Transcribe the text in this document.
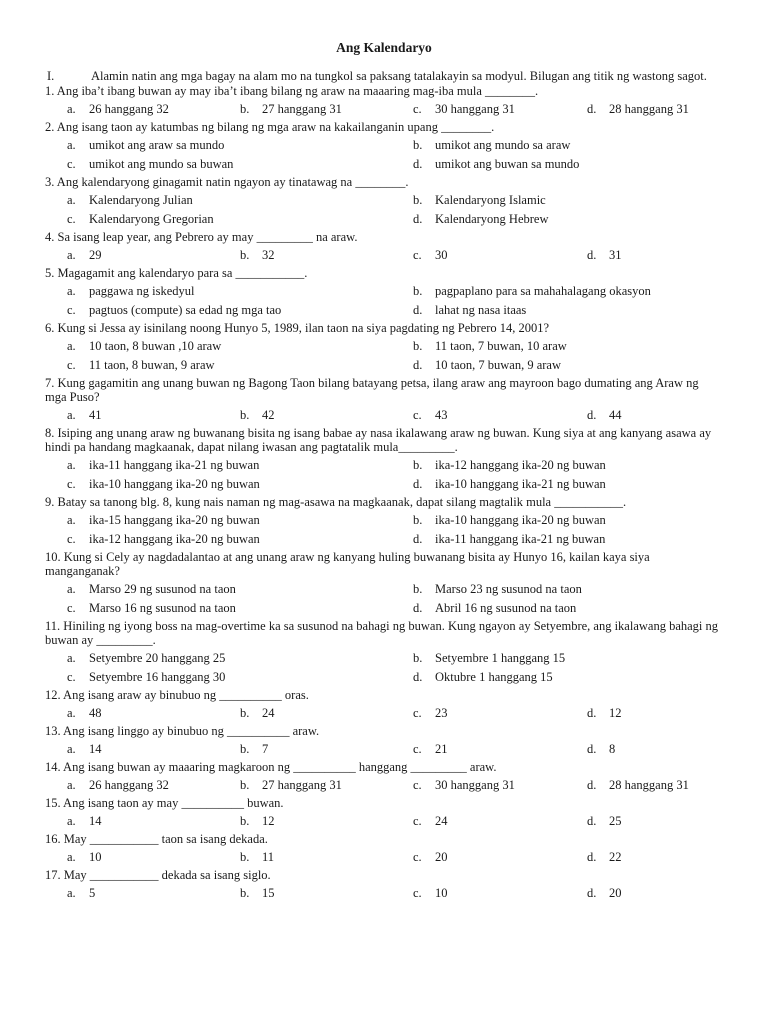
Ang Kalendaryo
I.	Alamin natin ang mga bagay na alam mo na tungkol sa paksang tatalakayin sa modyul. Bilugan ang titik ng wastong sagot.
1. Ang iba’t ibang buwan ay may iba’t ibang bilang ng araw na maaaring mag-iba mula ________.
a.	26 hanggang 32	b.	27 hanggang 31	c.	30 hanggang 31	d.	28 hanggang 31
2. Ang isang taon ay katumbas ng bilang ng mga araw na kakailanganin upang ________.
a.	umikot ang araw sa mundo	b.	umikot ang mundo sa araw
c.	umikot ang mundo sa buwan	d.	umikot ang buwan sa mundo
3. Ang kalendaryong ginagamit natin ngayon ay tinatawag na ________.
a.	Kalendaryong Julian	b.	Kalendaryong Islamic
c.	Kalendaryong Gregorian	d.	Kalendaryong Hebrew
4. Sa isang leap year, ang Pebrero ay may _________ na araw.
a.	29	b.	32	c.	30	d.	31
5. Magagamit ang kalendaryo para sa ___________.
a.	paggawa ng iskedyul	b.	pagpaplano para sa mahahalagang okasyon
c.	pagtuos (compute) sa edad ng mga tao	d.	lahat ng nasa itaas
6. Kung si Jessa ay isinilang noong Hunyo 5, 1989, ilan taon na siya pagdating ng Pebrero 14, 2001?
a.	10 taon, 8 buwan ,10 araw	b.	11 taon, 7 buwan, 10 araw
c.	11 taon, 8 buwan, 9 araw	d.	10 taon, 7 buwan, 9 araw
7. Kung gagamitin ang unang buwan ng Bagong Taon bilang batayang petsa, ilang araw ang mayroon bago dumating ang Araw ng mga Puso?
a.	41	b.	42	c.	43	d.	44
8. Isiping ang unang araw ng buwanang bisita ng isang babae ay nasa ikalawang araw ng buwan. Kung siya at ang kanyang asawa ay hindi pa handang magkaanak, dapat nilang iwasan ang pagtatalik mula_________.
a.	ika-11 hanggang ika-21 ng buwan	b.	ika-12 hanggang ika-20 ng buwan
c.	ika-10 hanggang ika-20 ng buwan	d.	ika-10 hanggang ika-21 ng buwan
9. Batay sa tanong blg. 8, kung nais naman ng mag-asawa na magkaanak, dapat silang magtalik mula ___________.
a.	ika-15 hanggang ika-20 ng buwan	b.	ika-10 hanggang ika-20 ng buwan
c.	ika-12 hanggang ika-20 ng buwan	d.	ika-11 hanggang ika-21 ng buwan
10. Kung si Cely ay nagdadalantao at ang unang araw ng kanyang huling buwanang bisita ay Hunyo 16, kailan kaya siya manganganak?
a.	Marso 29 ng susunod na taon	b.	Marso 23 ng susunod na taon
c.	Marso 16 ng susunod na taon	d.	Abril 16 ng susunod na taon
11. Hiniling ng iyong boss na mag-overtime ka sa susunod na bahagi ng buwan. Kung ngayon ay Setyembre, ang ikalawang bahagi ng buwan ay _________.
a.	Setyembre 20 hanggang 25	b.	Setyembre 1 hanggang 15
c.	Setyembre 16 hanggang 30	d.	Oktubre 1 hanggang 15
12. Ang isang araw ay binubuo ng __________ oras.
a.	48	b.	24	c.	23	d.	12
13. Ang isang linggo ay binubuo ng __________ araw.
a.	14	b.	7	c.	21	d.	8
14. Ang isang buwan ay maaaring magkaroon ng __________ hanggang _________ araw.
a.	26 hanggang 32	b.	27 hanggang 31	c.	30 hanggang 31	d.	28 hanggang 31
15. Ang isang taon ay may __________ buwan.
a.	14	b.	12	c.	24	d.	25
16. May ___________ taon sa isang dekada.
a.	10	b.	11	c.	20	d.	22
17. May ___________ dekada sa isang siglo.
a.	5	b.	15	c.	10	d.	20
